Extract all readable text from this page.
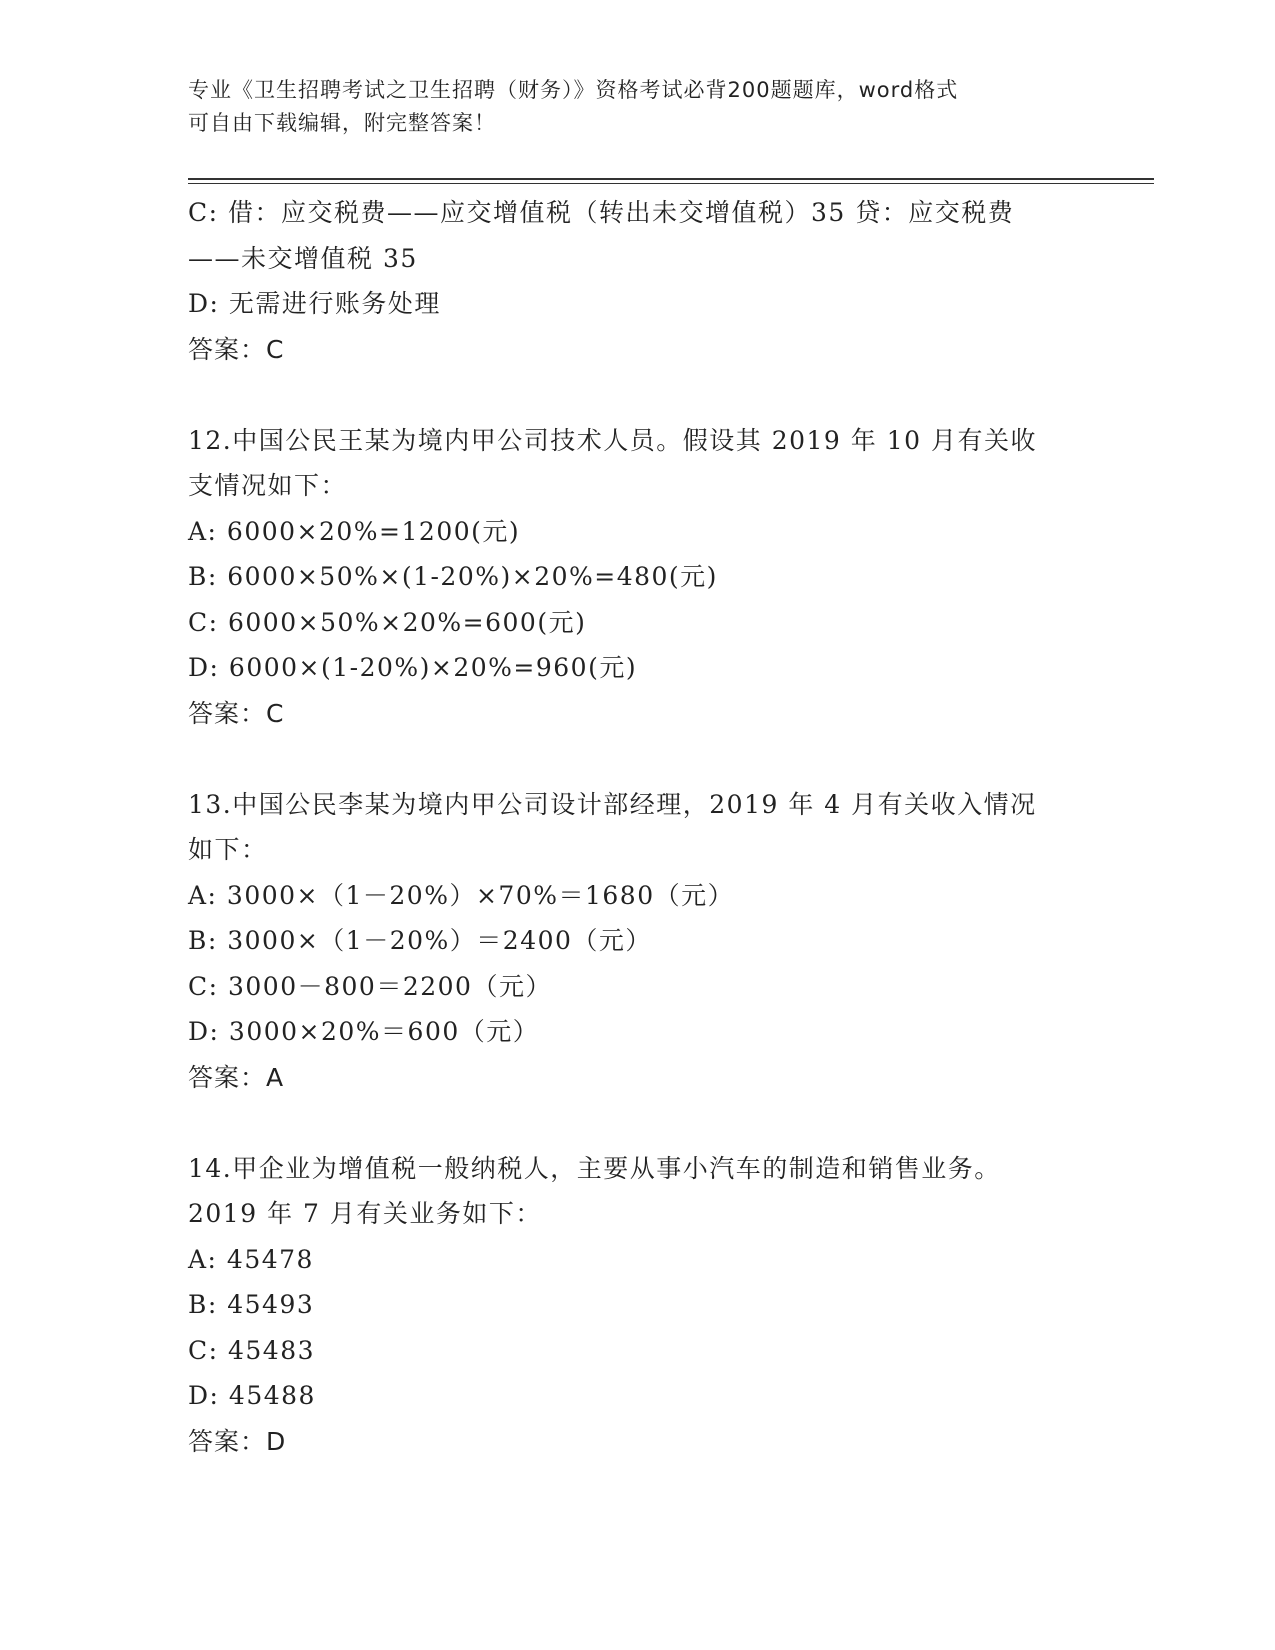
专业《卫生招聘考试之卫生招聘（财务）》资格考试必背200题题库，word格式
可自由下载编辑，附完整答案！
C: 借：应交税费——应交增值税（转出未交增值税）35 贷：应交税费
——未交增值税 35
D: 无需进行账务处理
答案：C
12.中国公民王某为境内甲公司技术人员。假设其 2019 年 10 月有关收
支情况如下：
A: 6000×20%=1200(元)
B: 6000×50%×(1-20%)×20%=480(元)
C: 6000×50%×20%=600(元)
D: 6000×(1-20%)×20%=960(元)
答案：C
13.中国公民李某为境内甲公司设计部经理，2019 年 4 月有关收入情况
如下：
A: 3000×（1－20%）×70%＝1680（元）
B: 3000×（1－20%）＝2400（元）
C: 3000－800＝2200（元）
D: 3000×20%＝600（元）
答案：A
14.甲企业为增值税一般纳税人，主要从事小汽车的制造和销售业务。
2019 年 7 月有关业务如下：
A: 45478
B: 45493
C: 45483
D: 45488
答案：D
